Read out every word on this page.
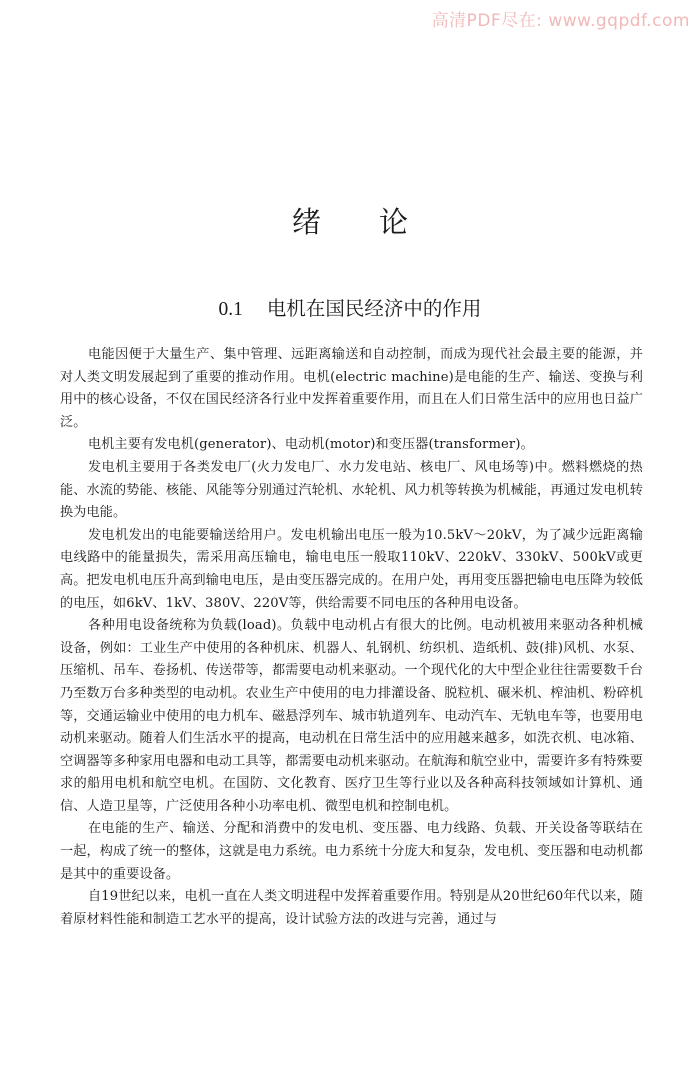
高清PDF尽在: www.gqpdf.com
绪论
0.1 电机在国民经济中的作用

电能因便于大量生产、集中管理、远距离输送和自动控制，而成为现代社会最主要的能源，并对人类文明发展起到了重要的推动作用。电机(electric machine)是电能的生产、输送、变换与利用中的核心设备，不仅在国民经济各行业中发挥着重要作用，而且在人们日常生活中的应用也日益广泛。

电机主要有发电机(generator)、电动机(motor)和变压器(transformer)。

发电机主要用于各类发电厂(火力发电厂、水力发电站、核电厂、风电场等)中。燃料燃烧的热能、水流的势能、核能、风能等分别通过汽轮机、水轮机、风力机等转换为机械能，再通过发电机转换为电能。

发电机发出的电能要输送给用户。发电机输出电压一般为10.5kV～20kV，为了减少远距离输电线路中的能量损失，需采用高压输电，输电电压一般取110kV、220kV、330kV、500kV或更高。把发电机电压升高到输电电压，是由变压器完成的。在用户处，再用变压器把输电电压降为较低的电压，如6kV、1kV、380V、220V等，供给需要不同电压的各种用电设备。

各种用电设备统称为负载(load)。负载中电动机占有很大的比例。电动机被用来驱动各种机械设备，例如：工业生产中使用的各种机床、机器人、轧钢机、纺织机、造纸机、鼓(排)风机、水泵、压缩机、吊车、卷扬机、传送带等，都需要电动机来驱动。一个现代化的大中型企业往往需要数千台乃至数万台多种类型的电动机。农业生产中使用的电力排灌设备、脱粒机、碾米机、榨油机、粉碎机等，交通运输业中使用的电力机车、磁悬浮列车、城市轨道列车、电动汽车、无轨电车等，也要用电动机来驱动。随着人们生活水平的提高，电动机在日常生活中的应用越来越多，如洗衣机、电冰箱、空调器等多种家用电器和电动工具等，都需要电动机来驱动。在航海和航空业中，需要许多有特殊要求的船用电机和航空电机。在国防、文化教育、医疗卫生等行业以及各种高科技领域如计算机、通信、人造卫星等，广泛使用各种小功率电机、微型电机和控制电机。

在电能的生产、输送、分配和消费中的发电机、变压器、电力线路、负载、开关设备等联结在一起，构成了统一的整体，这就是电力系统。电力系统十分庞大和复杂，发电机、变压器和电动机都是其中的重要设备。

自19世纪以来，电机一直在人类文明进程中发挥着重要作用。特别是从20世纪60年代以来，随着原材料性能和制造工艺水平的提高，设计试验方法的改进与完善，通过与
